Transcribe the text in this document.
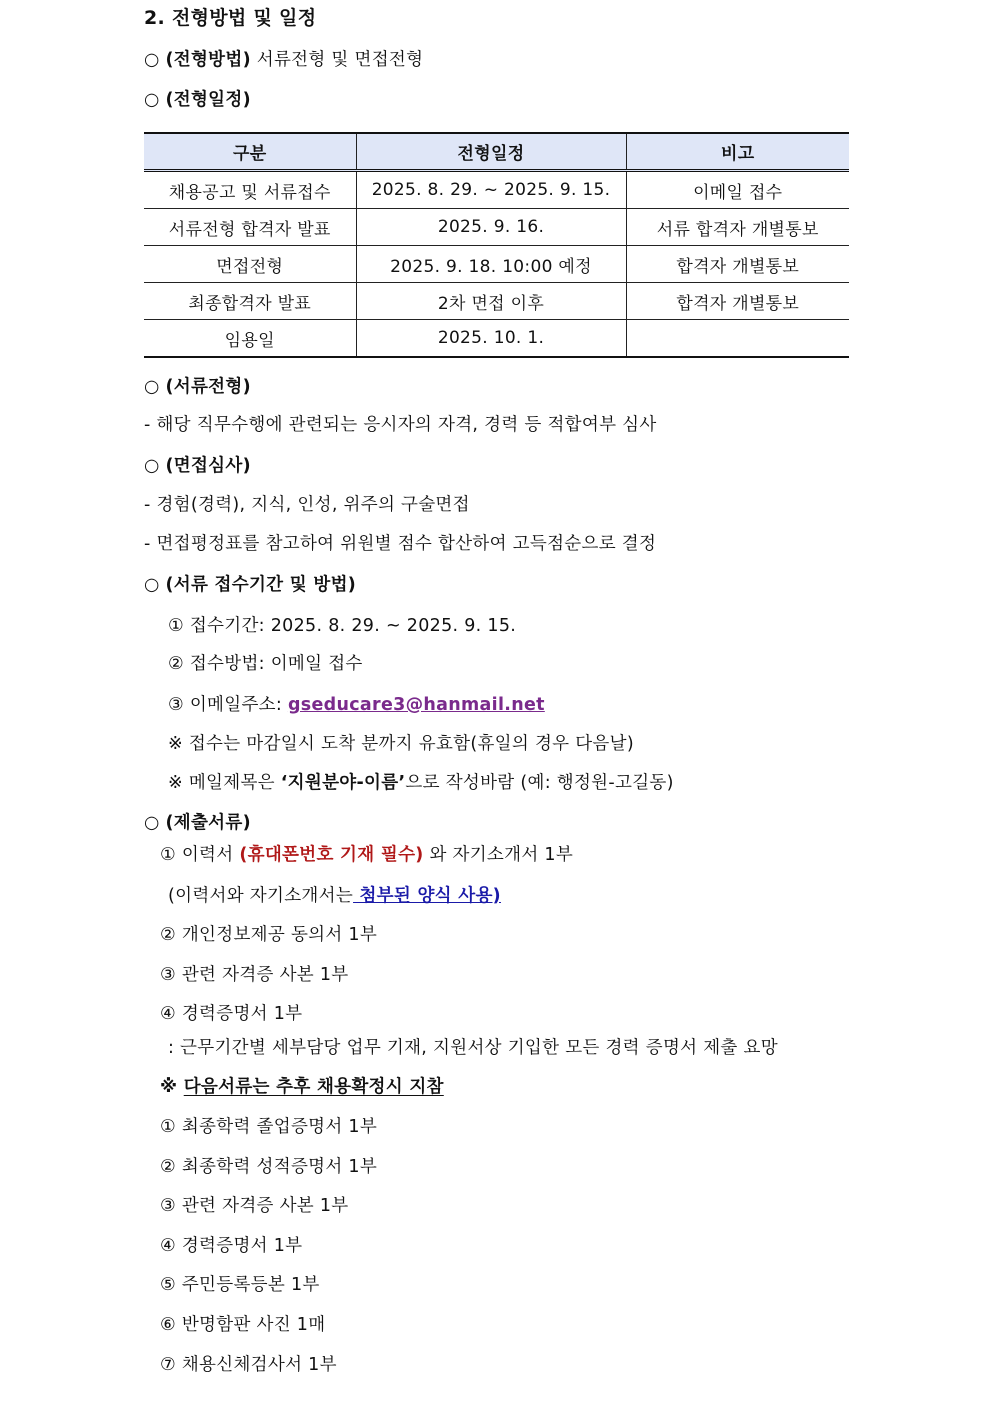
2. 전형방법 및 일정
○ (전형방법) 서류전형 및 면접전형
○ (전형일정)
구분	전형일정	비고
채용공고 및 서류접수	2025. 8. 29. ~ 2025. 9. 15.	이메일 접수
서류전형 합격자 발표	2025. 9. 16.	서류 합격자 개별통보
면접전형	2025. 9. 18. 10:00 예정	합격자 개별통보
최종합격자 발표	2차 면접 이후	합격자 개별통보
임용일	2025. 10. 1.	
○ (서류전형)
- 해당 직무수행에 관련되는 응시자의 자격, 경력 등 적합여부 심사
○ (면접심사)
- 경험(경력), 지식, 인성, 위주의 구술면접
- 면접평정표를 참고하여 위원별 점수 합산하여 고득점순으로 결정
○ (서류 접수기간 및 방법)
① 접수기간: 2025. 8. 29. ~ 2025. 9. 15.
② 접수방법: 이메일 접수
③ 이메일주소: gseducare3@hanmail.net
※ 접수는 마감일시 도착 분까지 유효함(휴일의 경우 다음날)
※ 메일제목은 ‘지원분야-이름’으로 작성바람 (예: 행정원-고길동)
○ (제출서류)
① 이력서 (휴대폰번호 기재 필수) 와 자기소개서 1부
(이력서와 자기소개서는 첨부된 양식 사용)
② 개인정보제공 동의서 1부
③ 관련 자격증 사본 1부
④ 경력증명서 1부
: 근무기간별 세부담당 업무 기재, 지원서상 기입한 모든 경력 증명서 제출 요망
※ 다음서류는 추후 채용확정시 지참
① 최종학력 졸업증명서 1부
② 최종학력 성적증명서 1부
③ 관련 자격증 사본 1부
④ 경력증명서 1부
⑤ 주민등록등본 1부
⑥ 반명함판 사진 1매
⑦ 채용신체검사서 1부
